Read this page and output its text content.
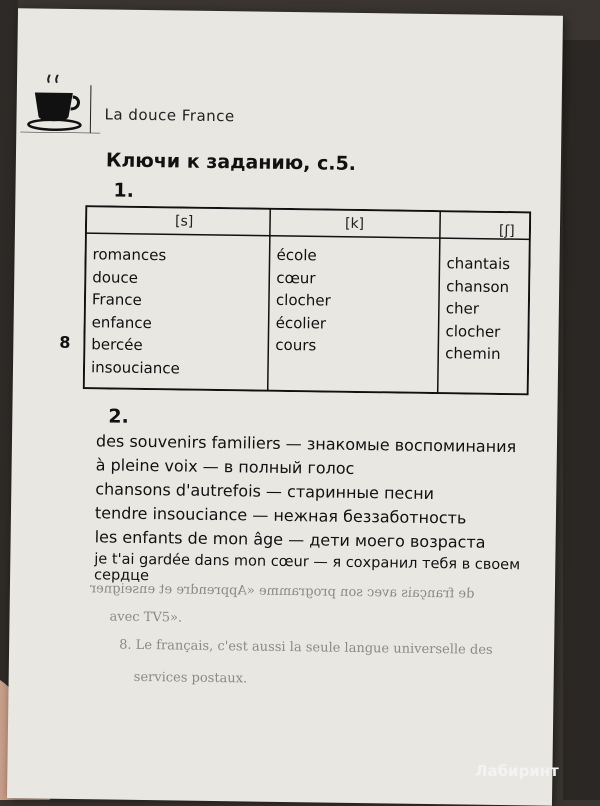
de français avec son programme «Apprendre et enseigner
avec TV5».
8. Le français, c'est aussi la seule langue universelle des
services postaux.
La douce France
Ключи к заданию, с.5.
1.
8
[s]	[k]	[ʃ]
romances
douce
France
enfance
bercée
insouciance
école
cœur
clocher
écolier
cours
chantais
chanson
cher
clocher
chemin
2.
des souvenirs familiers — знакомые воспоминания
à pleine voix — в полный голос
chansons d'autrefois — старинные песни
tendre insouciance — нежная беззаботность
les enfants de mon âge — дети моего возраста
je t'ai gardée dans mon cœur — я сохранил тебя в своем сердце
Лабиринт
